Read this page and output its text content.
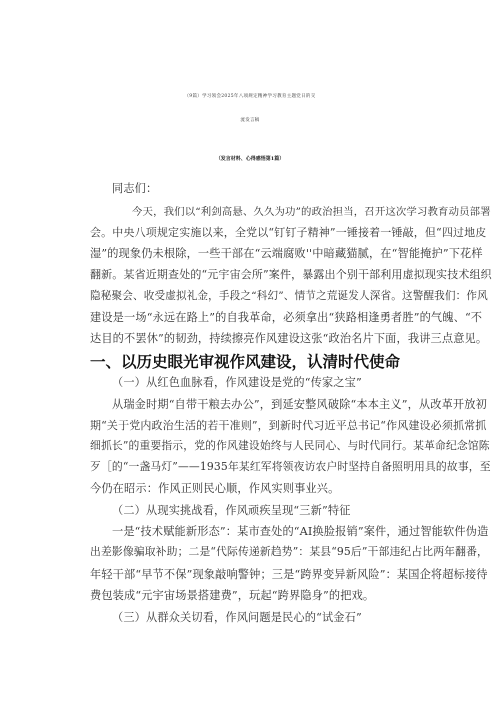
（9篇）学习领会2025年八项规定精神学习教育主题党日的交
流发言稿
（发言材料、心得感悟第1篇）
同志们：
今天，我们以“利剑高悬、久久为功”的政治担当，召开这次学习教育动员部署
会。中央八项规定实施以来，全党以“钉钉子精神”一锤接着一锤敲，但“四过地皮
湿”的现象仍未根除，一些干部在“云端腐败''中暗藏猫腻，在“智能掩护”下花样
翻新。某省近期查处的“元宇宙会所”案件，暴露出个别干部利用虚拟现实技术组织
隐秘聚会、收受虚拟礼金，手段之“科幻”、情节之荒诞发人深省。这警醒我们：作风
建设是一场“永远在路上”的自我革命，必须拿出“狭路相逢勇者胜”的气魄、“不
达目的不罢休”的韧劲，持续擦亮作风建设这张“政治名片下面，我讲三点意见。
一、以历史眼光审视作风建设，认清时代使命
（一）从红色血脉看，作风建设是党的“传家之宝”
从瑞金时期“自带干粮去办公”，到延安整风破除“本本主义”，从改革开放初
期“关于党内政治生活的若干准则”，到新时代习近平总书记“作风建设必须抓常抓
细抓长”的重要指示，党的作风建设始终与人民同心、与时代同行。某革命纪念馆陈
歹［的“一盏马灯”——1935年某红军将领夜访农户时坚持自备照明用具的故事，至
今仍在昭示：作风正则民心顺，作风实则事业兴。
（二）从现实挑战看，作风顽疾呈现“三新”特征
一是“技术赋能新形态”：某市查处的“AI换脸报销”案件，通过智能软件伪造
出差影像骗取补助；二是“代际传递新趋势”：某县“95后”干部违纪占比两年翻番，
年轻干部“早节不保”现象敲响警钟；三是“跨界变异新风险”：某国企将超标接待
费包装成“元宇宙场景搭建费”，玩起“跨界隐身”的把戏。
（三）从群众关切看，作风问题是民心的“试金石”
